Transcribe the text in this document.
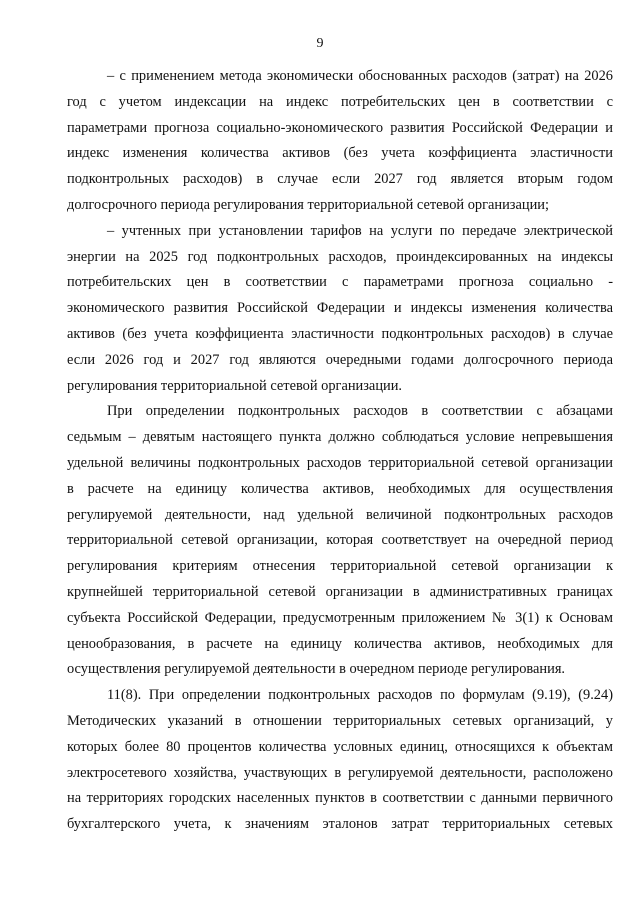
9

– с применением метода экономически обоснованных расходов (затрат) на 2026
год с учетом индексации на индекс потребительских цен в соответствии с
параметрами прогноза социально-экономического развития Российской Федерации и
индекс изменения количества активов (без учета коэффициента эластичности
подконтрольных расходов) в случае если 2027 год является вторым годом
долгосрочного периода регулирования территориальной сетевой организации;

– учтенных при установлении тарифов на услуги по передаче электрической
энергии на 2025 год подконтрольных расходов, проиндексированных на индексы
потребительских цен в соответствии с параметрами прогноза социально -
экономического развития Российской Федерации и индексы изменения количества
активов (без учета коэффициента эластичности подконтрольных расходов) в случае
если 2026 год и 2027 год являются очередными годами долгосрочного периода
регулирования территориальной сетевой организации.

При определении подконтрольных расходов в соответствии с абзацами
седьмым – девятым настоящего пункта должно соблюдаться условие непревышения
удельной величины подконтрольных расходов территориальной сетевой организации
в расчете на единицу количества активов, необходимых для осуществления
регулируемой деятельности, над удельной величиной подконтрольных расходов
территориальной сетевой организации, которая соответствует на очередной период
регулирования критериям отнесения территориальной сетевой организации к
крупнейшей территориальной сетевой организации в административных границах
субъекта Российской Федерации, предусмотренным приложением № 3(1) к Основам
ценообразования, в расчете на единицу количества активов, необходимых для
осуществления регулируемой деятельности в очередном периоде регулирования.

11(8). При определении подконтрольных расходов по формулам (9.19), (9.24)
Методических указаний в отношении территориальных сетевых организаций, у
которых более 80 процентов количества условных единиц, относящихся к объектам
электросетевого хозяйства, участвующих в регулируемой деятельности, расположено
на территориях городских населенных пунктов в соответствии с данными первичного
бухгалтерского учета, к значениям эталонов затрат территориальных сетевых
